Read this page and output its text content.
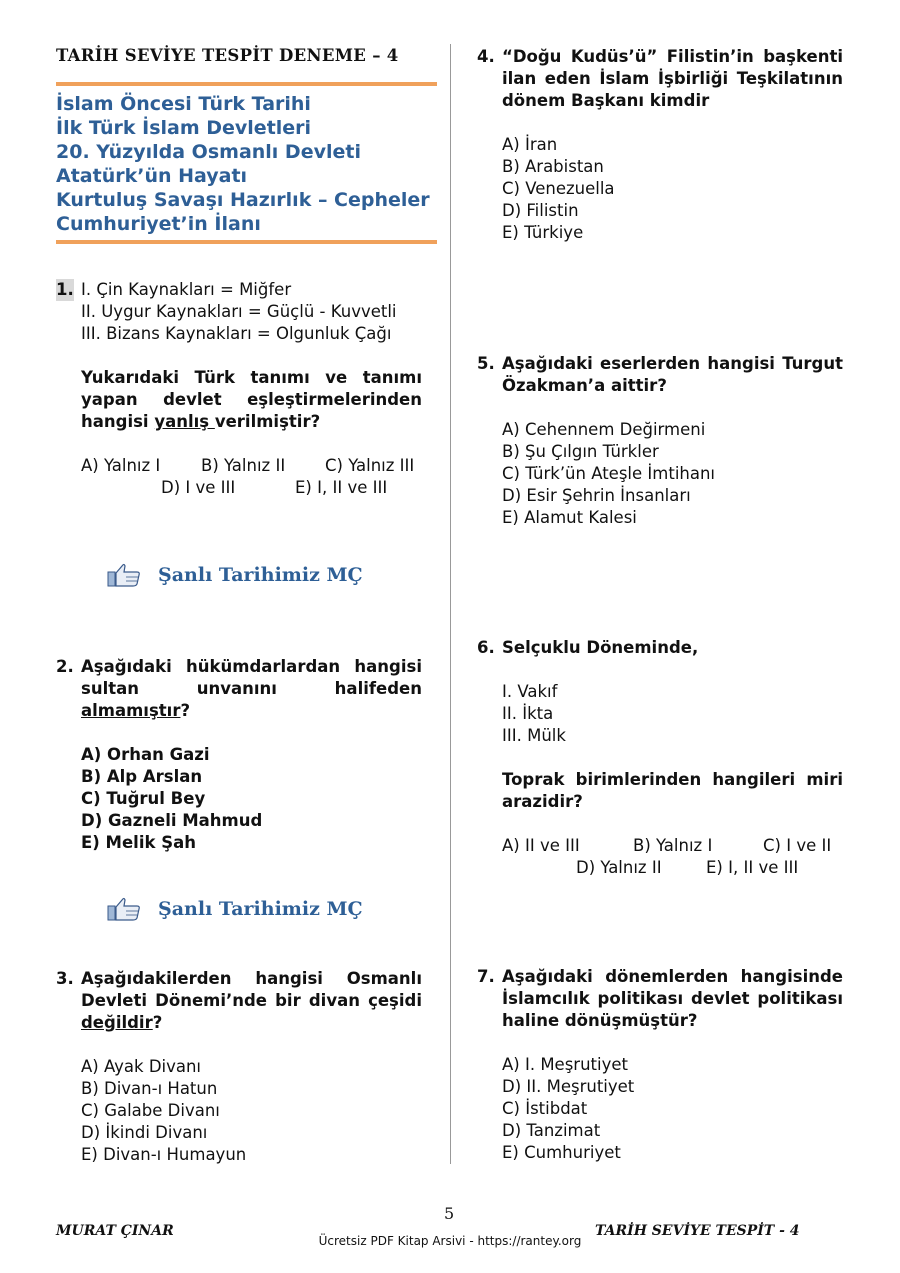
TARİH SEVİYE TESPİT DENEME – 4
İslam Öncesi Türk Tarihi
İlk Türk İslam Devletleri
20. Yüzyılda Osmanlı Devleti
Atatürk’ün Hayatı
Kurtuluş Savaşı Hazırlık – Cepheler
Cumhuriyet’in İlanı
1. I. Çin Kaynakları = Miğfer
II. Uygur Kaynakları = Güçlü - Kuvvetli
III. Bizans Kaynakları = Olgunluk Çağı

Yukarıdaki Türk tanımı ve tanımı yapan devlet eşleştirmelerinden hangisi yanlış verilmiştir?

A) Yalnız I B) Yalnız II C) Yalnız III
D) I ve III	E) I, II ve III
Şanlı Tarihimiz MÇ
2. Aşağıdaki hükümdarlardan hangisi sultan unvanını halifeden almamıştır?

A) Orhan Gazi
B) Alp Arslan
C) Tuğrul Bey
D) Gazneli Mahmud
E) Melik Şah
Şanlı Tarihimiz MÇ
3. Aşağıdakilerden hangisi Osmanlı Devleti Dönemi’nde bir divan çeşidi değildir?

A) Ayak Divanı
B) Divan-ı Hatun
C) Galabe Divanı
D) İkindi Divanı
E) Divan-ı Humayun
4. “Doğu Kudüs’ü” Filistin’in başkenti ilan eden İslam İşbirliği Teşkilatının dönem Başkanı kimdir

A) İran
B) Arabistan
C) Venezuella
D) Filistin
E) Türkiye
5. Aşağıdaki eserlerden hangisi Turgut Özakman’a aittir?

A) Cehennem Değirmeni
B) Şu Çılgın Türkler
C) Türk’ün Ateşle İmtihanı
D) Esir Şehrin İnsanları
E) Alamut Kalesi
6. Selçuklu Döneminde,

I. Vakıf
II. İkta
III. Mülk

Toprak birimlerinden hangileri miri arazidir?

A) II ve III	B) Yalnız I	C) I ve II
D) Yalnız II	E) I, II ve III
7. Aşağıdaki dönemlerden hangisinde İslamcılık politikası devlet politikası haline dönüşmüştür?

A) I. Meşrutiyet
D) II. Meşrutiyet
C) İstibdat
D) Tanzimat
E) Cumhuriyet
5
MURAT ÇINAR	TARİH SEVİYE TESPİT - 4
Ücretsiz PDF Kitap Arsivi - https://rantey.org
